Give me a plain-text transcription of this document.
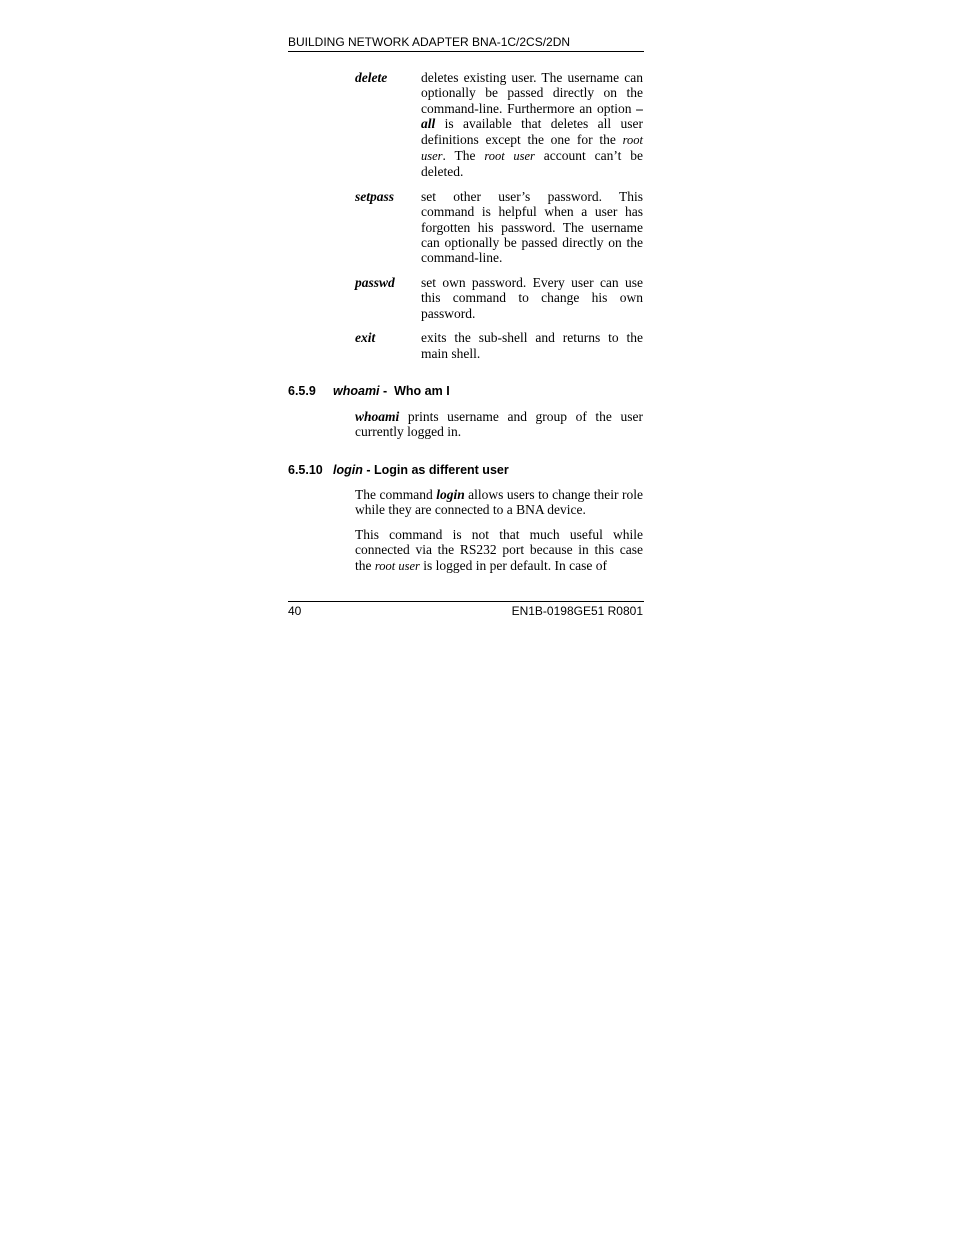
BUILDING NETWORK ADAPTER BNA-1C/2CS/2DN
delete	deletes existing user. The username can optionally be passed directly on the command-line. Furthermore an option –all is available that deletes all user definitions except the one for the root user. The root user account can’t be deleted.
setpass	set other user’s password. This command is helpful when a user has forgotten his password. The username can optionally be passed directly on the command-line.
passwd	set own password. Every user can use this command to change his own password.
exit	exits the sub-shell and returns to the main shell.
6.5.9	whoami -  Who am I
whoami prints username and group of the user currently logged in.
6.5.10 login - Login as different user
The command login allows users to change their role while they are connected to a BNA device.
This command is not that much useful while connected via the RS232 port because in this case the root user is logged in per default. In case of
40	EN1B-0198GE51 R0801
